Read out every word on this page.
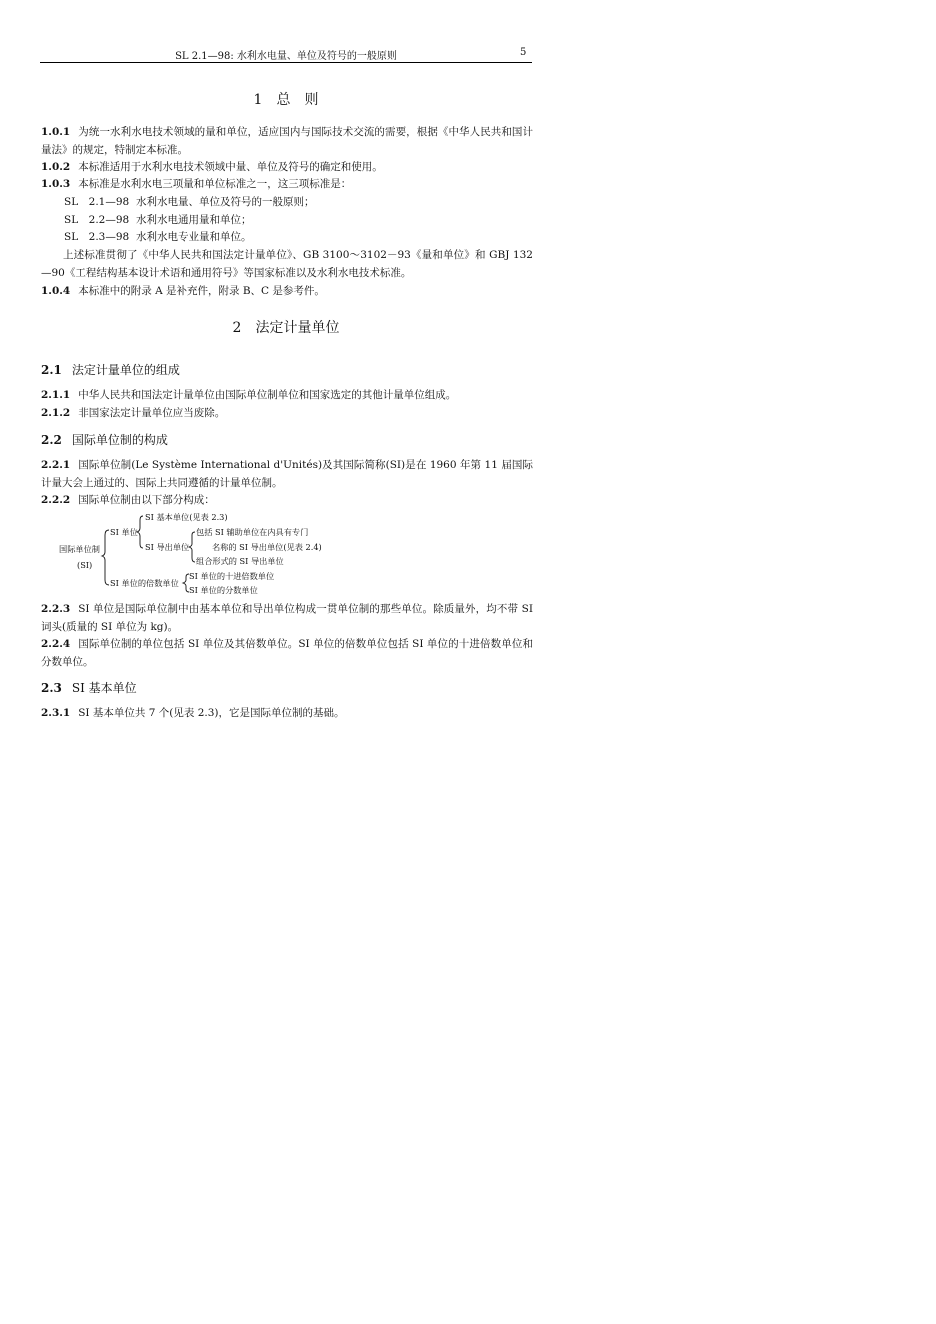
SL 2.1—98: 水利水电量、单位及符号的一般原则	5
1　总　则
1.0.1 为统一水利水电技术领域的量和单位，适应国内与国际技术交流的需要，根据《中华人民共和国计量法》的规定，特制定本标准。
1.0.2 本标准适用于水利水电技术领域中量、单位及符号的确定和使用。
1.0.3 本标准是水利水电三项量和单位标准之一，这三项标准是：
SL　2.1—98 水利水电量、单位及符号的一般原则；
SL　2.2—98 水利水电通用量和单位；
SL　2.3—98 水利水电专业量和单位。
上述标准贯彻了《中华人民共和国法定计量单位》、GB 3100～3102－93《量和单位》和 GBJ 132—90《工程结构基本设计术语和通用符号》等国家标准以及水利水电技术标准。
1.0.4 本标准中的附录 A 是补充件，附录 B、C 是参考件。
2　法定计量单位
2.1 法定计量单位的组成
2.1.1 中华人民共和国法定计量单位由国际单位制单位和国家选定的其他计量单位组成。
2.1.2 非国家法定计量单位应当废除。
2.2 国际单位制的构成
2.2.1 国际单位制(Le Système International d'Unités)及其国际简称(SI)是在 1960 年第 11 届国际计量大会上通过的、国际上共同遵循的计量单位制。
2.2.2 国际单位制由以下部分构成：
国际单位制
(SI)
SI 单位
SI 基本单位(见表 2.3)
SI 导出单位
包括 SI 辅助单位在内具有专门
名称的 SI 导出单位(见表 2.4)
组合形式的 SI 导出单位
SI 单位的倍数单位
SI 单位的十进倍数单位
SI 单位的分数单位
2.2.3 SI 单位是国际单位制中由基本单位和导出单位构成一贯单位制的那些单位。除质量外，均不带 SI 词头(质量的 SI 单位为 kg)。
2.2.4 国际单位制的单位包括 SI 单位及其倍数单位。SI 单位的倍数单位包括 SI 单位的十进倍数单位和分数单位。
2.3 SI 基本单位
2.3.1 SI 基本单位共 7 个(见表 2.3)，它是国际单位制的基础。
